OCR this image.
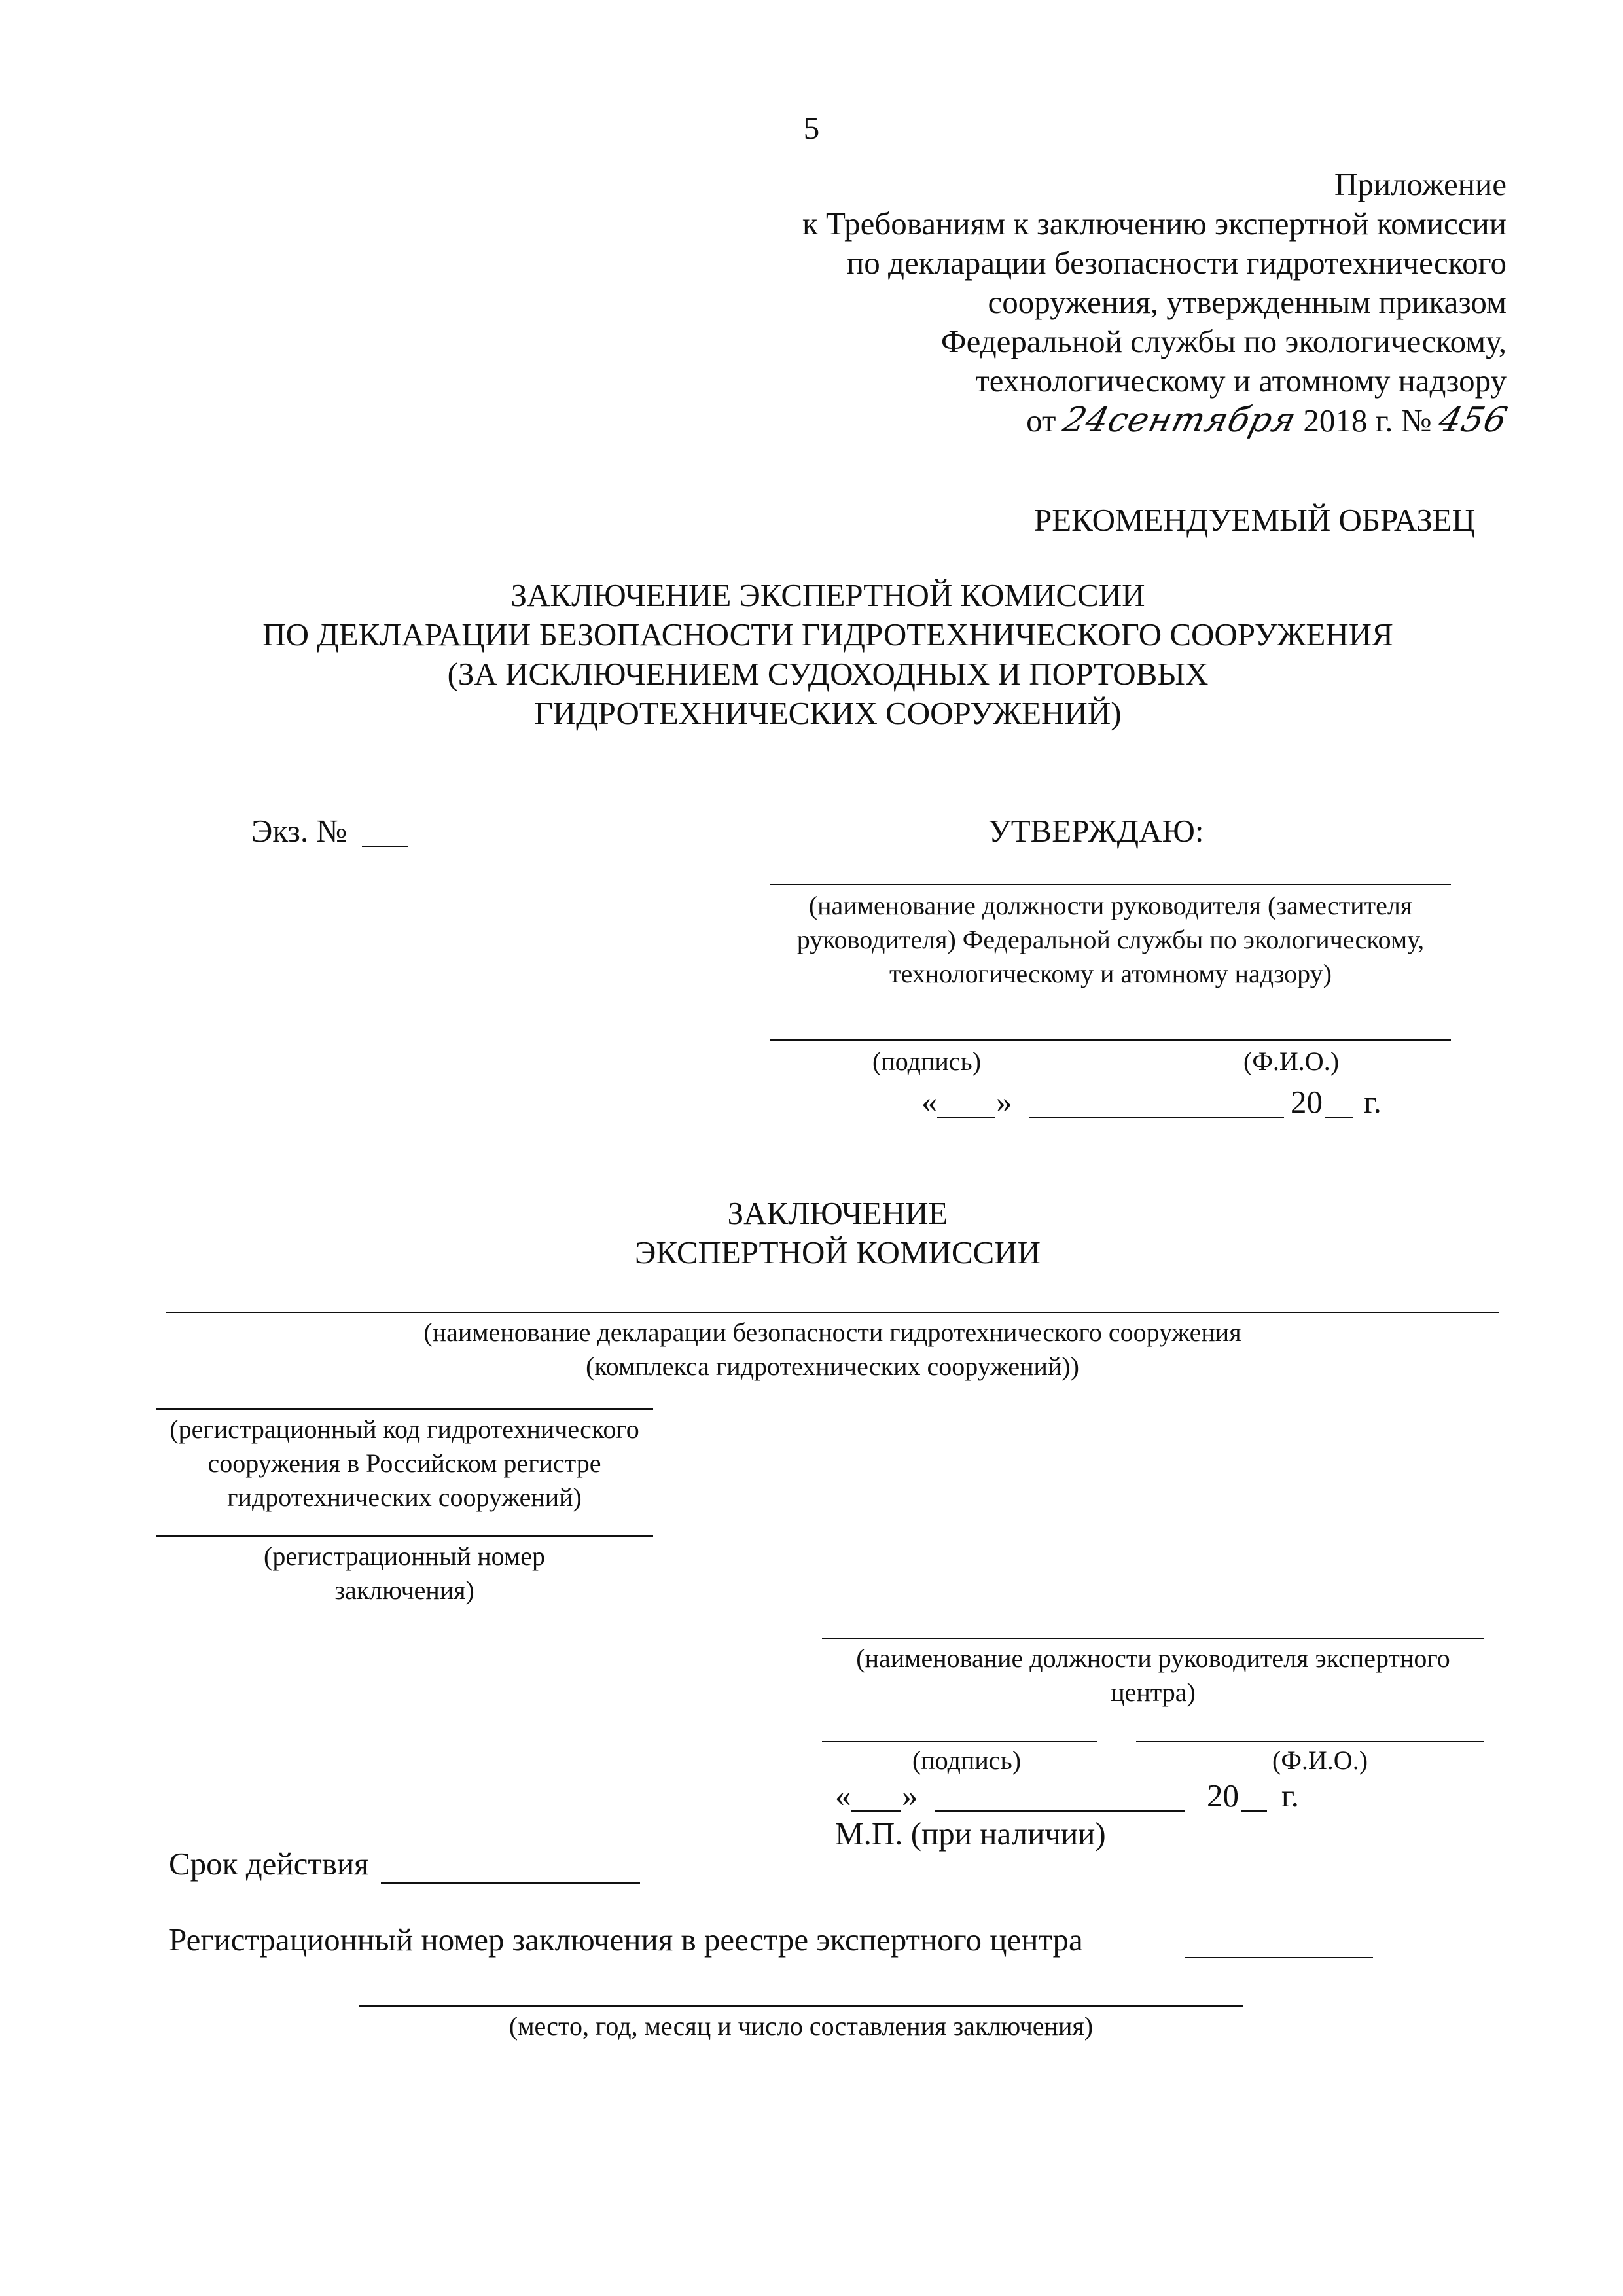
5
Приложение
к Требованиям к заключению экспертной комиссии
по декларации безопасности гидротехнического
сооружения, утвержденным приказом
Федеральной службы по экологическому,
технологическому и атомному надзору
от 24сентября 2018 г. № 456
РЕКОМЕНДУЕМЫЙ ОБРАЗЕЦ
ЗАКЛЮЧЕНИЕ ЭКСПЕРТНОЙ КОМИССИИ
ПО ДЕКЛАРАЦИИ БЕЗОПАСНОСТИ ГИДРОТЕХНИЧЕСКОГО СООРУЖЕНИЯ
(ЗА ИСКЛЮЧЕНИЕМ СУДОХОДНЫХ И ПОРТОВЫХ
ГИДРОТЕХНИЧЕСКИХ СООРУЖЕНИЙ)
Экз. №	УТВЕРЖДАЮ:
(наименование должности руководителя (заместителя
руководителя) Федеральной службы по экологическому,
технологическому и атомному надзору)
(подпись)	(Ф.И.О.)
« »	20 г.
ЗАКЛЮЧЕНИЕ
ЭКСПЕРТНОЙ КОМИССИИ
(наименование декларации безопасности гидротехнического сооружения
(комплекса гидротехнических сооружений))
(регистрационный код гидротехнического
сооружения в Российском регистре
гидротехнических сооружений)
(регистрационный номер
заключения)
(наименование должности руководителя экспертного
центра)
(подпись)	(Ф.И.О.)
« »	20 г.
М.П. (при наличии)
Срок действия
Регистрационный номер заключения в реестре экспертного центра
(место, год, месяц и число составления заключения)
